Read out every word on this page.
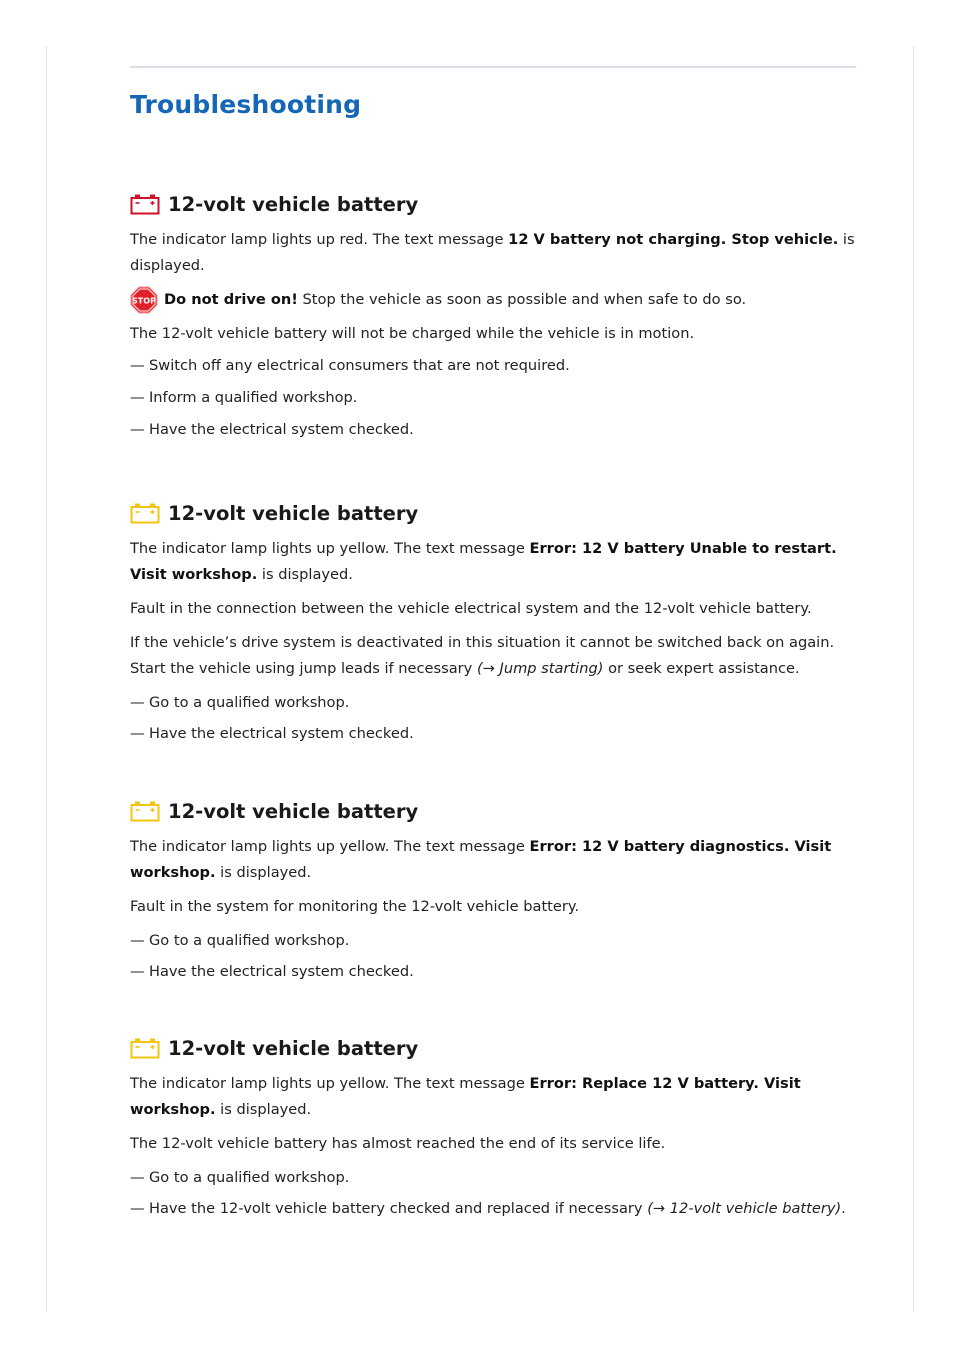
Troubleshooting
12-volt vehicle battery

The indicator lamp lights up red. The text message 12 V battery not charging. Stop vehicle. is displayed.

STOP Do not drive on! Stop the vehicle as soon as possible and when safe to do so.

The 12-volt vehicle battery will not be charged while the vehicle is in motion.

— Switch off any electrical consumers that are not required.

— Inform a qualified workshop.

— Have the electrical system checked.

12-volt vehicle battery

The indicator lamp lights up yellow. The text message Error: 12 V battery Unable to restart. Visit workshop. is displayed.

Fault in the connection between the vehicle electrical system and the 12-volt vehicle battery.

If the vehicle’s drive system is deactivated in this situation it cannot be switched back on again. Start the vehicle using jump leads if necessary (→ Jump starting) or seek expert assistance.

— Go to a qualified workshop.

— Have the electrical system checked.

12-volt vehicle battery

The indicator lamp lights up yellow. The text message Error: 12 V battery diagnostics. Visit workshop. is displayed.

Fault in the system for monitoring the 12-volt vehicle battery.

— Go to a qualified workshop.

— Have the electrical system checked.

12-volt vehicle battery

The indicator lamp lights up yellow. The text message Error: Replace 12 V battery. Visit workshop. is displayed.

The 12-volt vehicle battery has almost reached the end of its service life.

— Go to a qualified workshop.

— Have the 12-volt vehicle battery checked and replaced if necessary (→ 12-volt vehicle battery).
